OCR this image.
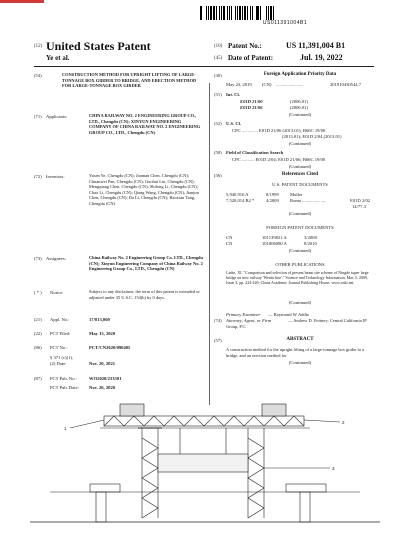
US011391004B1
(12) United States Patent
Ye et al.
(10) Patent No.:	US 11,391,004 B1
(45) Date of Patent:	Jul. 19, 2022
(54)	CONSTRUCTION METHOD FOR UPRIGHT LIFTING OF LARGE-TONNAGE BOX GIRDER TO BRIDGE, AND ERECTION METHOD FOR LARGE-TONNAGE BOX GIRDER
(71) Applicants:	CHINA RAILWAY NO. 2 ENGINEERING GROUP CO., LTD., Chengdu (CN); XINYUN ENGINEERING COMPANY OF CHINA RAILWAY NO. 2 ENGINEERING GROUP CO., LTD., Chengdu (CN)
(72) Inventors:	Yusen Ye, Chengdu (CN); Jiannan Chen, Chengdu (CN); Chuanwei Pan, Chengdu (CN); Guohui Lin, Chengdu (CN); Mengqiang Chen, Chengdu (CN); Shilong Li, Chengdu (CN); Chao Li, Chengdu (CN); Qiang Wang, Chengdu (CN); Jianjun Chen, Chengdu (CN); Da Li, Chengdu (CN); Haoxian Tang, Chengdu (CN)
(73) Assignees:	China Railway No. 2 Engineering Group Co. LTD., Chengdu (CN); Xinyun Engineering Company of China Railway No. 2 Engineering Group Co., LTD., Chengdu (CN)
( * ) Notice:	Subject to any disclaimer, the term of this patent is extended or adjusted under 35 U.S.C. 154(b) by 0 days.
(21) Appl. No.:	17/813,060
(22) PCT Filed:	May 15, 2020
(86) PCT No.:	PCT/CN2020/090405
§ 371 (c)(1),
(2) Date:	Nov. 20, 2021
(87) PCT Pub. No.:	WO2020/233501
PCT Pub. Date: Nov. 26, 2020
(30)	Foreign Application Priority Data
May 23, 2019 (CN) ........................	201910430544.7
(51) Int. Cl.
E01D 21/00	(2006.01)
E01D 21/06	(2006.01)
(Continued)
(52) U.S. Cl.
CPC .............. E01D 21/06 (2013.01); B66C 19/00
(2013.01); E01D 2/04 (2013.01)
(Continued)
(58) Field of Classification Search
CPC ........... E01D 2/04; E01D 21/06; B66C 19/00
(Continued)
(56)	References Cited
U.S. PATENT DOCUMENTS
5,940,916 A	8/1999 Muller
7,520,014 B2 *	4/2009 Roma .....................	E01D 2/02
14/77.3
(Continued)
FOREIGN PATENT DOCUMENTS
CN	101139821 A	3/2008
CN	101806080 A	8/2010
(Continued)
OTHER PUBLICATIONS
Linke, XI, "Comparison and selection of present beam site scheme of Ningde super large bridge on new railway 'Wenfu line'," Science and Technology Information, Mar. 5, 2009, Issue 3, pp. 224-226; China Academic Journal Publishing House, www.cnki.net.
(Continued)
Primary Examiner — Raymond W Addie
(74) Attorney, Agent, or Firm	— Andrew D. Fortney; Central California IP Group, P.C.
(57)	ABSTRACT
A construction method for the upright lifting of a large-tonnage box girder to a bridge, and an erection method for
(Continued)
1
2
3
